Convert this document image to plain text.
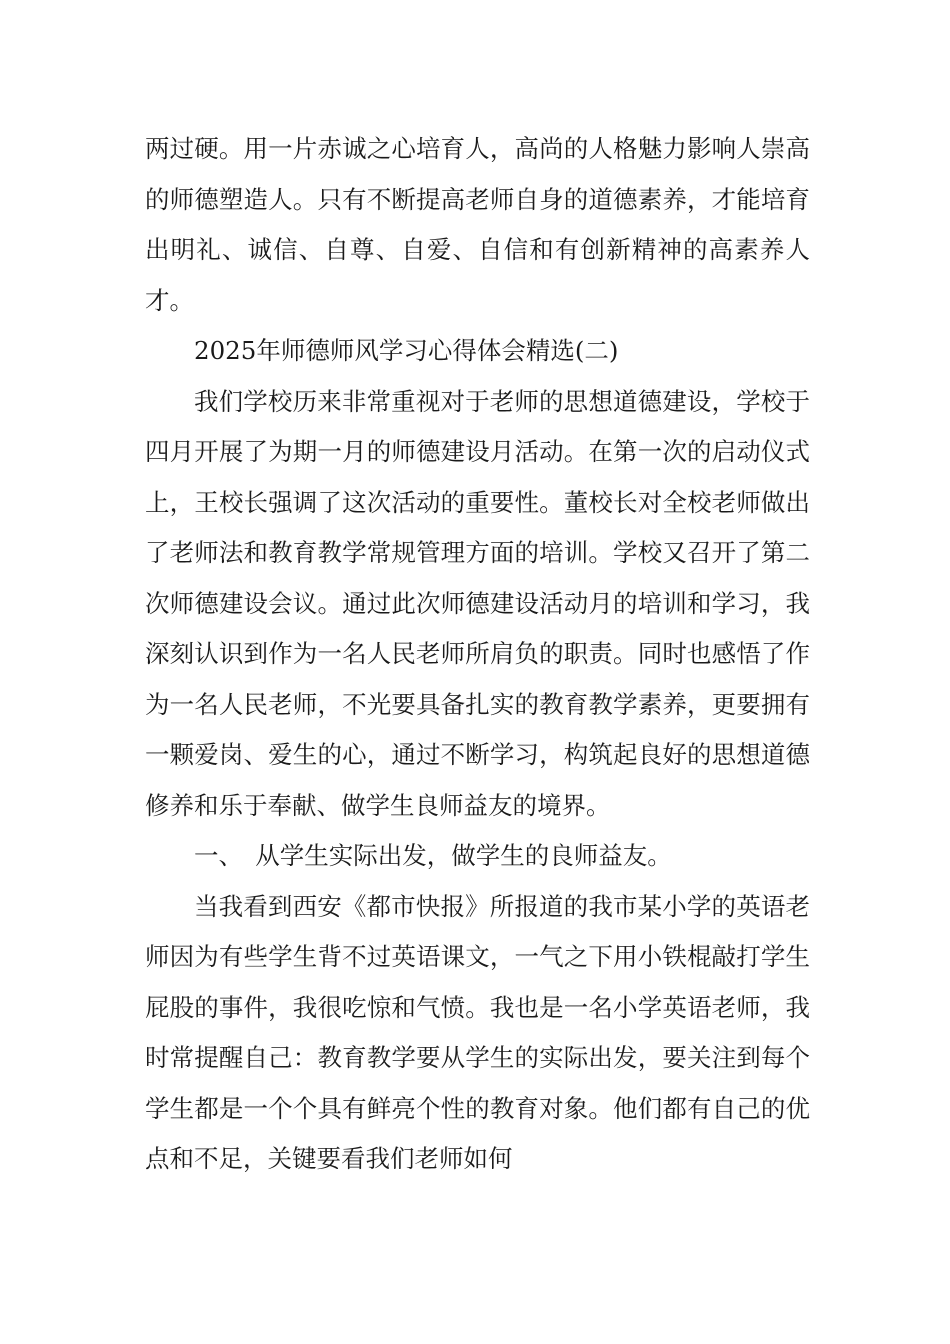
两过硬。用一片赤诚之心培育人，高尚的人格魅力影响人崇高的师德塑造人。只有不断提高老师自身的道德素养，才能培育出明礼、诚信、自尊、自爱、自信和有创新精神的高素养人才。

2025年师德师风学习心得体会精选(二)

我们学校历来非常重视对于老师的思想道德建设，学校于四月开展了为期一月的师德建设月活动。在第一次的启动仪式上，王校长强调了这次活动的重要性。董校长对全校老师做出了老师法和教育教学常规管理方面的培训。学校又召开了第二次师德建设会议。通过此次师德建设活动月的培训和学习，我深刻认识到作为一名人民老师所肩负的职责。同时也感悟了作为一名人民老师，不光要具备扎实的教育教学素养，更要拥有一颗爱岗、爱生的心，通过不断学习，构筑起良好的思想道德修养和乐于奉献、做学生良师益友的境界。

一、　从学生实际出发，做学生的良师益友。

当我看到西安《都市快报》所报道的我市某小学的英语老师因为有些学生背不过英语课文，一气之下用小铁棍敲打学生屁股的事件，我很吃惊和气愤。我也是一名小学英语老师，我时常提醒自己：教育教学要从学生的实际出发，要关注到每个学生都是一个个具有鲜亮个性的教育对象。他们都有自己的优点和不足，关键要看我们老师如何
